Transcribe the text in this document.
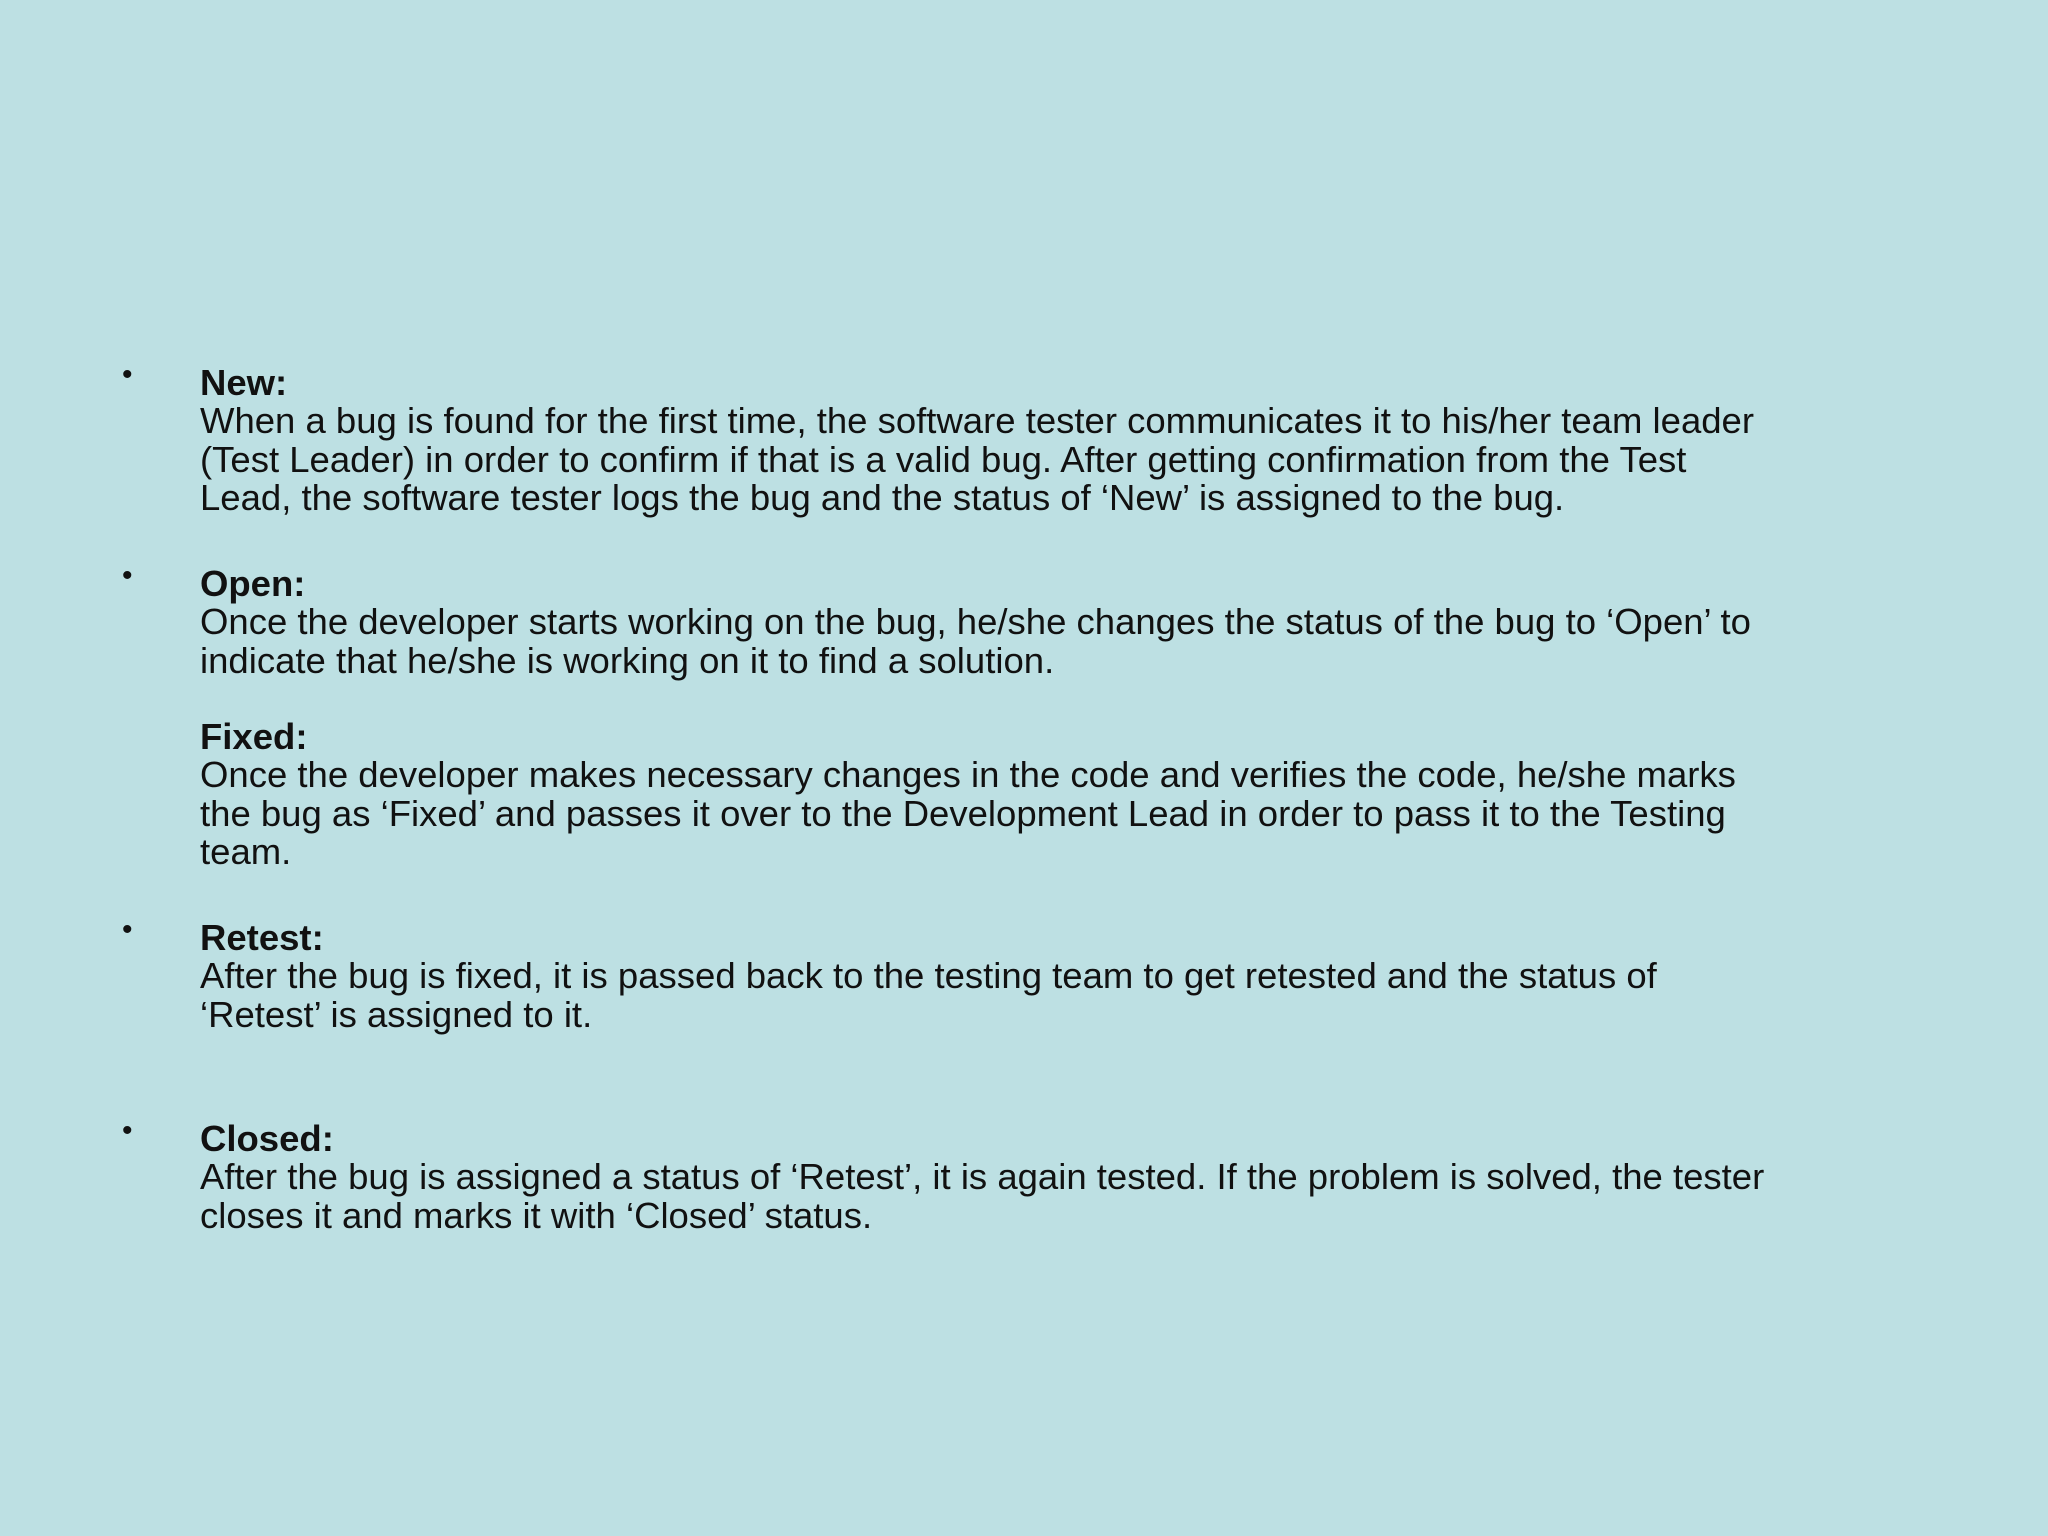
• New:
When a bug is found for the first time, the software tester communicates it to his/her team leader
(Test Leader) in order to confirm if that is a valid bug. After getting confirmation from the Test
Lead, the software tester logs the bug and the status of ‘New’ is assigned to the bug.
• Open:
Once the developer starts working on the bug, he/she changes the status of the bug to ‘Open’ to
indicate that he/she is working on it to find a solution.
Fixed:
Once the developer makes necessary changes in the code and verifies the code, he/she marks
the bug as ‘Fixed’ and passes it over to the Development Lead in order to pass it to the Testing
team.
• Retest:
After the bug is fixed, it is passed back to the testing team to get retested and the status of
‘Retest’ is assigned to it.
• Closed:
After the bug is assigned a status of ‘Retest’, it is again tested. If the problem is solved, the tester
closes it and marks it with ‘Closed’ status.
